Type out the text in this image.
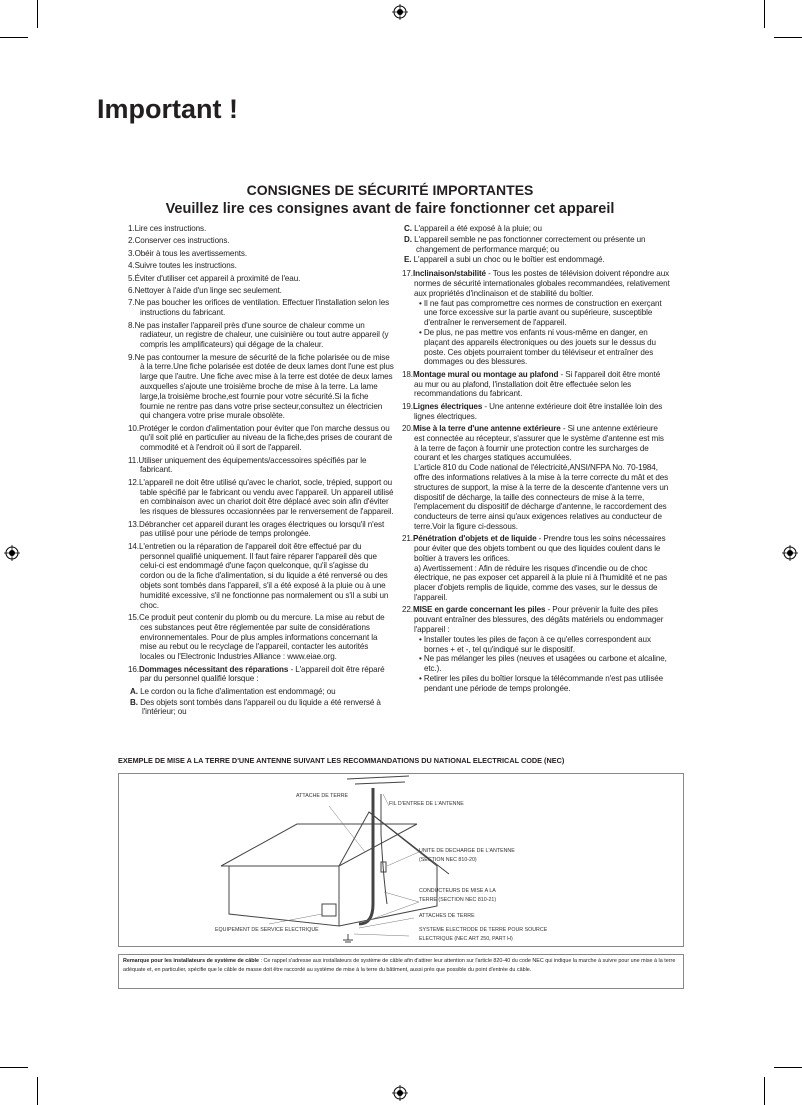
Important !
CONSIGNES DE SÉCURITÉ IMPORTANTES
Veuillez lire ces consignes avant de faire fonctionner cet appareil
1.Lire ces instructions.
2.Conserver ces instructions.
3.Obéir à tous les avertissements.
4.Suivre toutes les instructions.
5.Éviter d'utiliser cet appareil à proximité de l'eau.
6.Nettoyer à l'aide d'un linge sec seulement.
7.Ne pas boucher les orifices de ventilation. Effectuer l'installation selon les instructions du fabricant.
8.Ne pas installer l'appareil près d'une source de chaleur comme un radiateur, un registre de chaleur, une cuisinière ou tout autre appareil (y compris les amplificateurs) qui dégage de la chaleur.
9.Ne pas contourner la mesure de sécurité de la fiche polarisée ou de mise à la terre.Une fiche polarisée est dotée de deux lames dont l'une est plus large que l'autre. Une fiche avec mise à la terre est dotée de deux lames auxquelles s'ajoute une troisième broche de mise à la terre. La lame large,la troisième broche,est fournie pour votre sécurité.Si la fiche fournie ne rentre pas dans votre prise secteur,consultez un électricien qui changera votre prise murale obsolète.
10.Protéger le cordon d'alimentation pour éviter que l'on marche dessus ou qu'il soit plié en particulier au niveau de la fiche,des prises de courant de commodité et à l'endroit où il sort de l'appareil.
11.Utiliser uniquement des équipements/accessoires spécifiés par le fabricant.
12.L'appareil ne doit être utilisé qu'avec le chariot, socle, trépied, support ou table spécifié par le fabricant ou vendu avec l'appareil. Un appareil utilisé en combinaison avec un chariot doit être déplacé avec soin afin d'éviter les risques de blessures occasionnées par le renversement de l'appareil.
13.Débrancher cet appareil durant les orages électriques ou lorsqu'il n'est pas utilisé pour une période de temps prolongée.
14.L'entretien ou la réparation de l'appareil doit être effectué par du personnel qualifié uniquement. Il faut faire réparer l'appareil dès que celui-ci est endommagé d'une façon quelconque, qu'il s'agisse du cordon ou de la fiche d'alimentation, si du liquide a été renversé ou des objets sont tombés dans l'appareil, s'il a été exposé à la pluie ou à une humidité excessive, s'il ne fonctionne pas normalement ou s'il a subi un choc.
15.Ce produit peut contenir du plomb ou du mercure. La mise au rebut de ces substances peut être réglementée par suite de considérations environnementales. Pour de plus amples informations concernant la mise au rebut ou le recyclage de l'appareil, contacter les autorités locales ou l'Electronic Industries Alliance : www.eiae.org.
16.Dommages nécessitant des réparations - L'appareil doit être réparé par du personnel qualifié lorsque :
A. Le cordon ou la fiche d'alimentation est endommagé; ou
B. Des objets sont tombés dans l'appareil ou du liquide a été renversé à l'intérieur; ou
C. L'appareil a été exposé à la pluie; ou
D. L'appareil semble ne pas fonctionner correctement ou présente un changement de performance marqué; ou
E. L'appareil a subi un choc ou le boîtier est endommagé.
17.Inclinaison/stabilité - Tous les postes de télévision doivent répondre aux normes de sécurité internationales globales recommandées, relativement aux propriétés d'inclinaison et de stabilité du boîtier.
• Il ne faut pas compromettre ces normes de construction en exerçant une force excessive sur la partie avant ou supérieure, susceptible d'entraîner le renversement de l'appareil.
• De plus, ne pas mettre vos enfants ni vous-même en danger, en plaçant des appareils électroniques ou des jouets sur le dessus du poste. Ces objets pourraient tomber du téléviseur et entraîner des dommages ou des blessures.
18.Montage mural ou montage au plafond - Si l'appareil doit être monté au mur ou au plafond, l'installation doit être effectuée selon les recommandations du fabricant.
19.Lignes électriques - Une antenne extérieure doit être installée loin des lignes électriques.
20.Mise à la terre d'une antenne extérieure - Si une antenne extérieure est connectée au récepteur, s'assurer que le système d'antenne est mis à la terre de façon à fournir une protection contre les surcharges de courant et les charges statiques accumulées.
L'article 810 du Code national de l'électricité,ANSI/NFPA No. 70-1984, offre des informations relatives à la mise à la terre correcte du mât et des structures de support, la mise à la terre de la descente d'antenne vers un dispositif de décharge, la taille des connecteurs de mise à la terre, l'emplacement du dispositif de décharge d'antenne, le raccordement des conducteurs de terre ainsi qu'aux exigences relatives au conducteur de terre.Voir la figure ci-dessous.
21.Pénétration d'objets et de liquide - Prendre tous les soins nécessaires pour éviter que des objets tombent ou que des liquides coulent dans le boîtier à travers les orifices.
a) Avertissement : Afin de réduire les risques d'incendie ou de choc électrique, ne pas exposer cet appareil à la pluie ni à l'humidité et ne pas placer d'objets remplis de liquide, comme des vases, sur le dessus de l'appareil.
22.MISE en garde concernant les piles - Pour prévenir la fuite des piles pouvant entraîner des blessures, des dégâts matériels ou endommager l'appareil :
• Installer toutes les piles de façon à ce qu'elles correspondent aux bornes + et -, tel qu'indiqué sur le dispositif.
• Ne pas mélanger les piles (neuves et usagées ou carbone et alcaline, etc.).
• Retirer les piles du boîtier lorsque la télécommande n'est pas utilisée pendant une période de temps prolongée.
EXEMPLE DE MISE A LA TERRE D'UNE ANTENNE SUIVANT LES RECOMMANDATIONS DU NATIONAL ELECTRICAL CODE (NEC)
ATTACHE DE TERRE
FIL D'ENTREE DE L'ANTENNE
UNITE DE DECHARGE DE L'ANTENNE
(SECTION NEC 810-20)
CONDUCTEURS DE MISE A LA
TERRE (SECTION NEC 810-21)
ATTACHES DE TERRE
EQUIPEMENT DE SERVICE ELECTRIQUE	SYSTEME ELECTRODE DE TERRE POUR SOURCE
ELECTRIQUE (NEC ART 250, PART H)
Remarque pour les installateurs de système de câble : Ce rappel s'adresse aux installateurs de système de câble afin d'attirer leur attention sur l'article 820-40 du code NEC qui indique la marche à suivre pour une mise à la terre adéquate et, en particulier, spécifie que le câble de masse doit être raccordé au système de mise à la terre du bâtiment, aussi près que possible du point d'entrée du câble.
